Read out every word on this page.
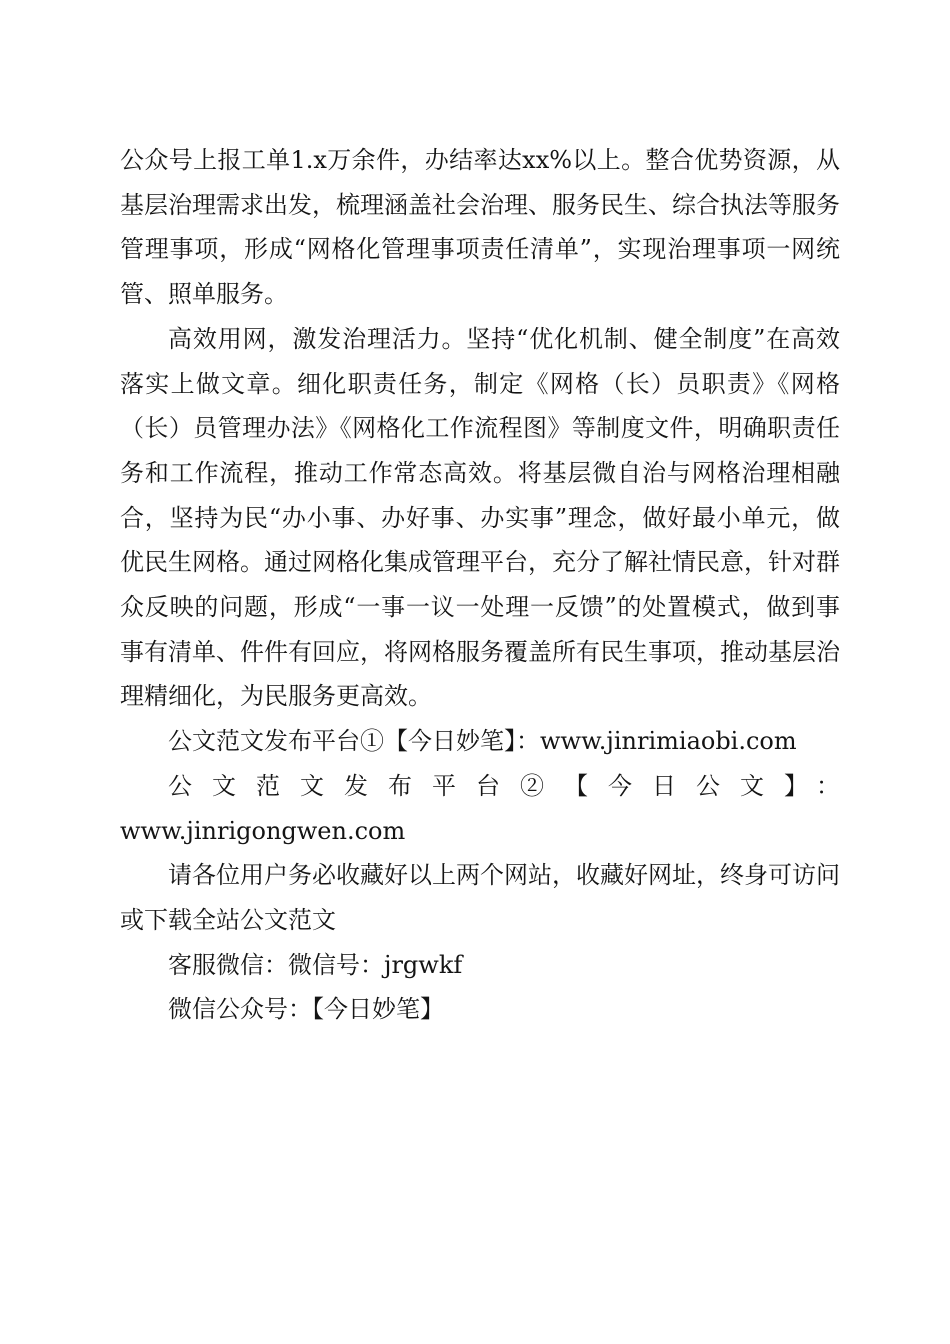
公众号上报工单1.x万余件，办结率达xx%以上。整合优势资源，从基层治理需求出发，梳理涵盖社会治理、服务民生、综合执法等服务管理事项，形成“网格化管理事项责任清单”，实现治理事项一网统管、照单服务。

高效用网，激发治理活力。坚持“优化机制、健全制度”在高效落实上做文章。细化职责任务，制定《网格（长）员职责》《网格（长）员管理办法》《网格化工作流程图》等制度文件，明确职责任务和工作流程，推动工作常态高效。将基层微自治与网格治理相融合，坚持为民“办小事、办好事、办实事”理念，做好最小单元，做优民生网格。通过网格化集成管理平台，充分了解社情民意，针对群众反映的问题，形成“一事一议一处理一反馈”的处置模式，做到事事有清单、件件有回应，将网格服务覆盖所有民生事项，推动基层治理精细化，为民服务更高效。

公文范文发布平台①【今日妙笔】：www.jinrimiaobi.com

公文范文发布平台②【今日公文】：

www.jinrigongwen.com

请各位用户务必收藏好以上两个网站，收藏好网址，终身可访问或下载全站公文范文

客服微信：微信号：jrgwkf

微信公众号：【今日妙笔】
